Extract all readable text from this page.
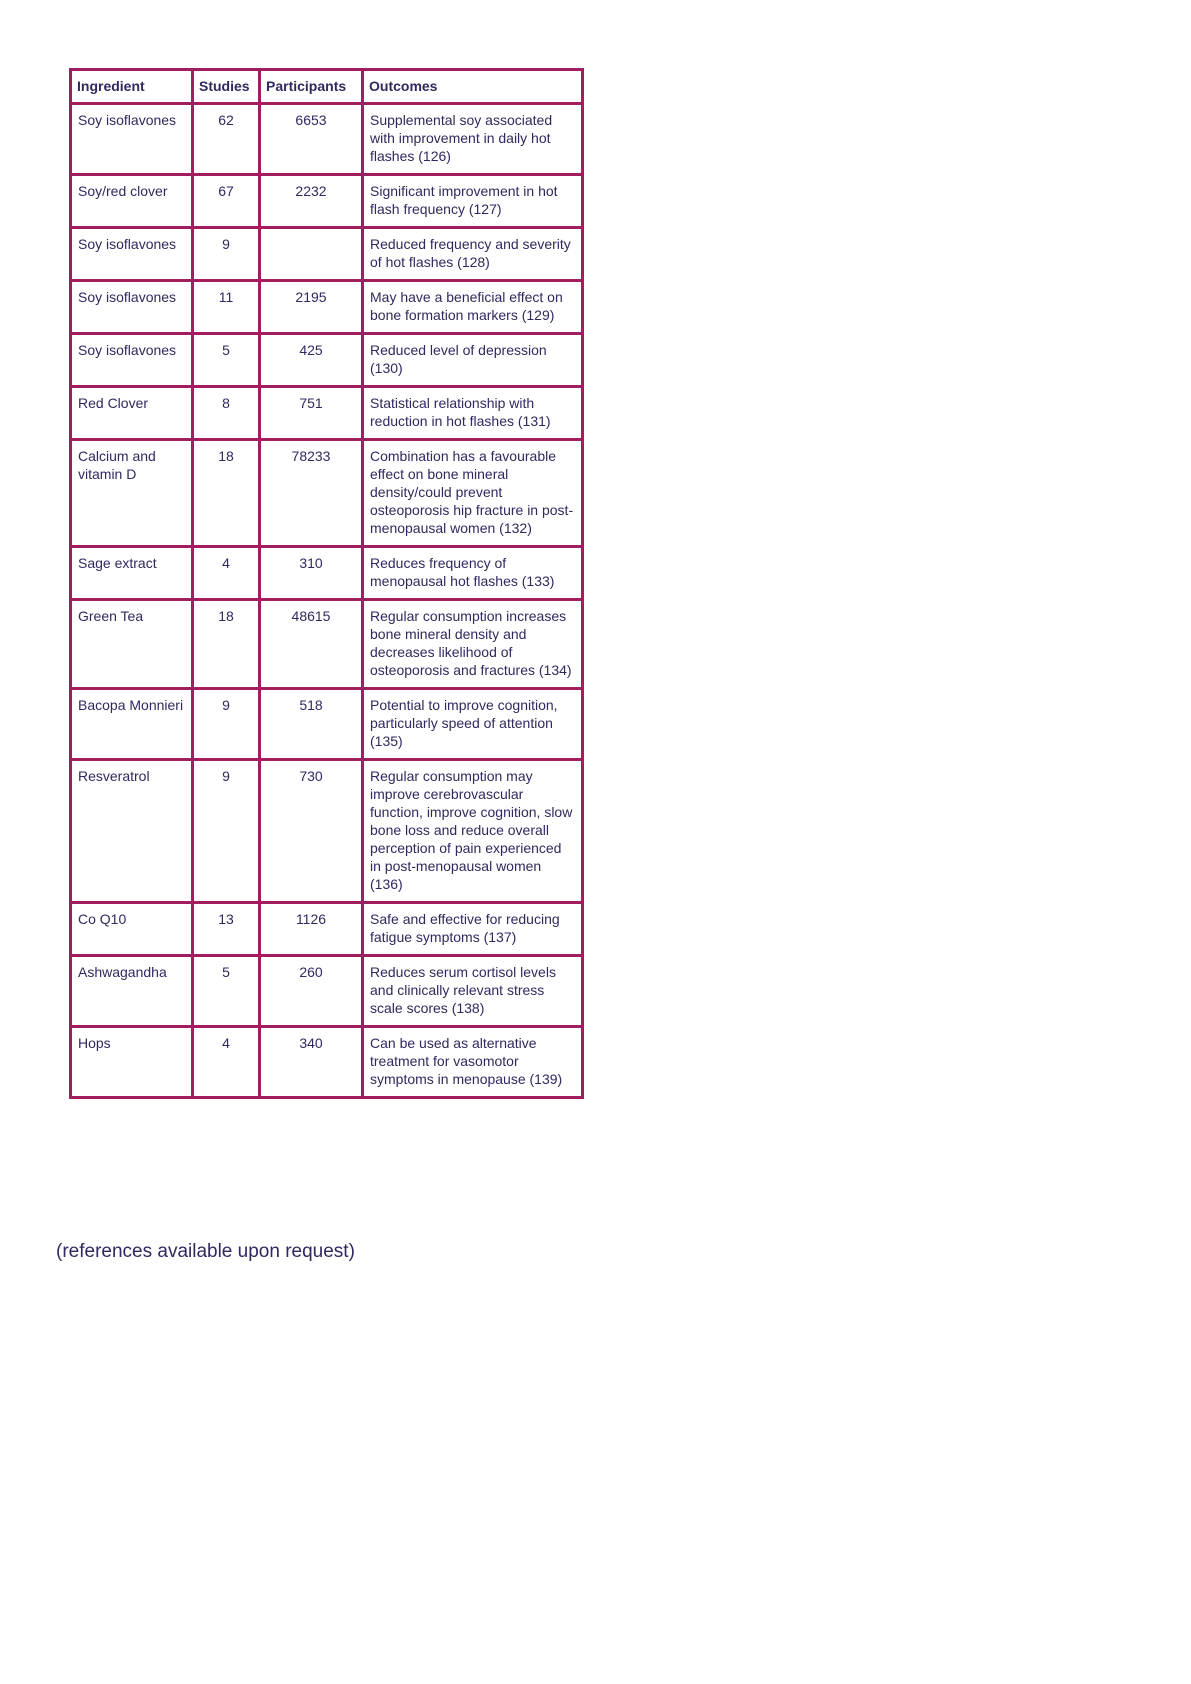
Ingredient	Studies	Participants	Outcomes
Soy isoflavones	62	6653	Supplemental soy associated with improvement in daily hot flashes (126)
Soy/red clover	67	2232	Significant improvement in hot flash frequency (127)
Soy isoflavones	9		Reduced frequency and severity of hot flashes (128)
Soy isoflavones	11	2195	May have a beneficial effect on bone formation markers (129)
Soy isoflavones	5	425	Reduced level of depression (130)
Red Clover	8	751	Statistical relationship with reduction in hot flashes (131)
Calcium and vitamin D	18	78233	Combination has a favourable effect on bone mineral density/could prevent osteoporosis hip fracture in post-menopausal women (132)
Sage extract	4	310	Reduces frequency of menopausal hot flashes (133)
Green Tea	18	48615	Regular consumption increases bone mineral density and decreases likelihood of osteoporosis and fractures (134)
Bacopa Monnieri	9	518	Potential to improve cognition, particularly speed of attention (135)
Resveratrol	9	730	Regular consumption may improve cerebrovascular function, improve cognition, slow bone loss and reduce overall perception of pain experienced in post-menopausal women (136)
Co Q10	13	1126	Safe and effective for reducing fatigue symptoms (137)
Ashwagandha	5	260	Reduces serum cortisol levels and clinically relevant stress scale scores (138)
Hops	4	340	Can be used as alternative treatment for vasomotor symptoms in menopause (139)
(references available upon request)
